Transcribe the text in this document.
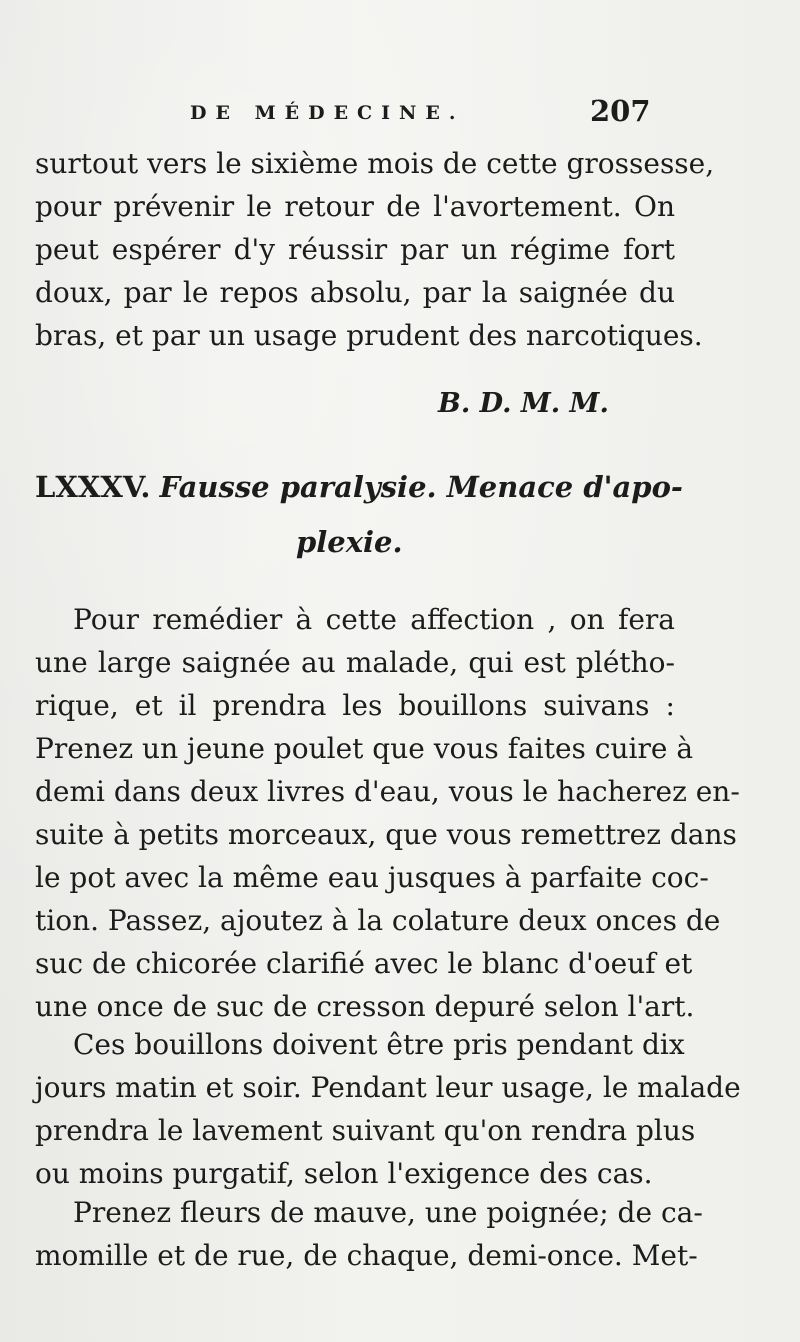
DE MÉDECINE.	207
surtout vers le sixième mois de cette grossesse,
pour prévenir le retour de l'avortement. On
peut espérer d'y réussir par un régime fort
doux, par le repos absolu, par la saignée du
bras, et par un usage prudent des narcotiques.
B. D. M. M.
LXXXV. Fausse paralysie. Menace d'apo-
plexie.
Pour remédier à cette affection , on fera
une large saignée au malade, qui est plétho-
rique, et il prendra les bouillons suivans :
Prenez un jeune poulet que vous faites cuire à
demi dans deux livres d'eau, vous le hacherez en-
suite à petits morceaux, que vous remettrez dans
le pot avec la même eau jusques à parfaite coc-
tion. Passez, ajoutez à la colature deux onces de
suc de chicorée clarifié avec le blanc d'oeuf et
une once de suc de cresson depuré selon l'art.
Ces bouillons doivent être pris pendant dix
jours matin et soir. Pendant leur usage, le malade
prendra le lavement suivant qu'on rendra plus
ou moins purgatif, selon l'exigence des cas.
Prenez fleurs de mauve, une poignée; de ca-
momille et de rue, de chaque, demi-once. Met-
